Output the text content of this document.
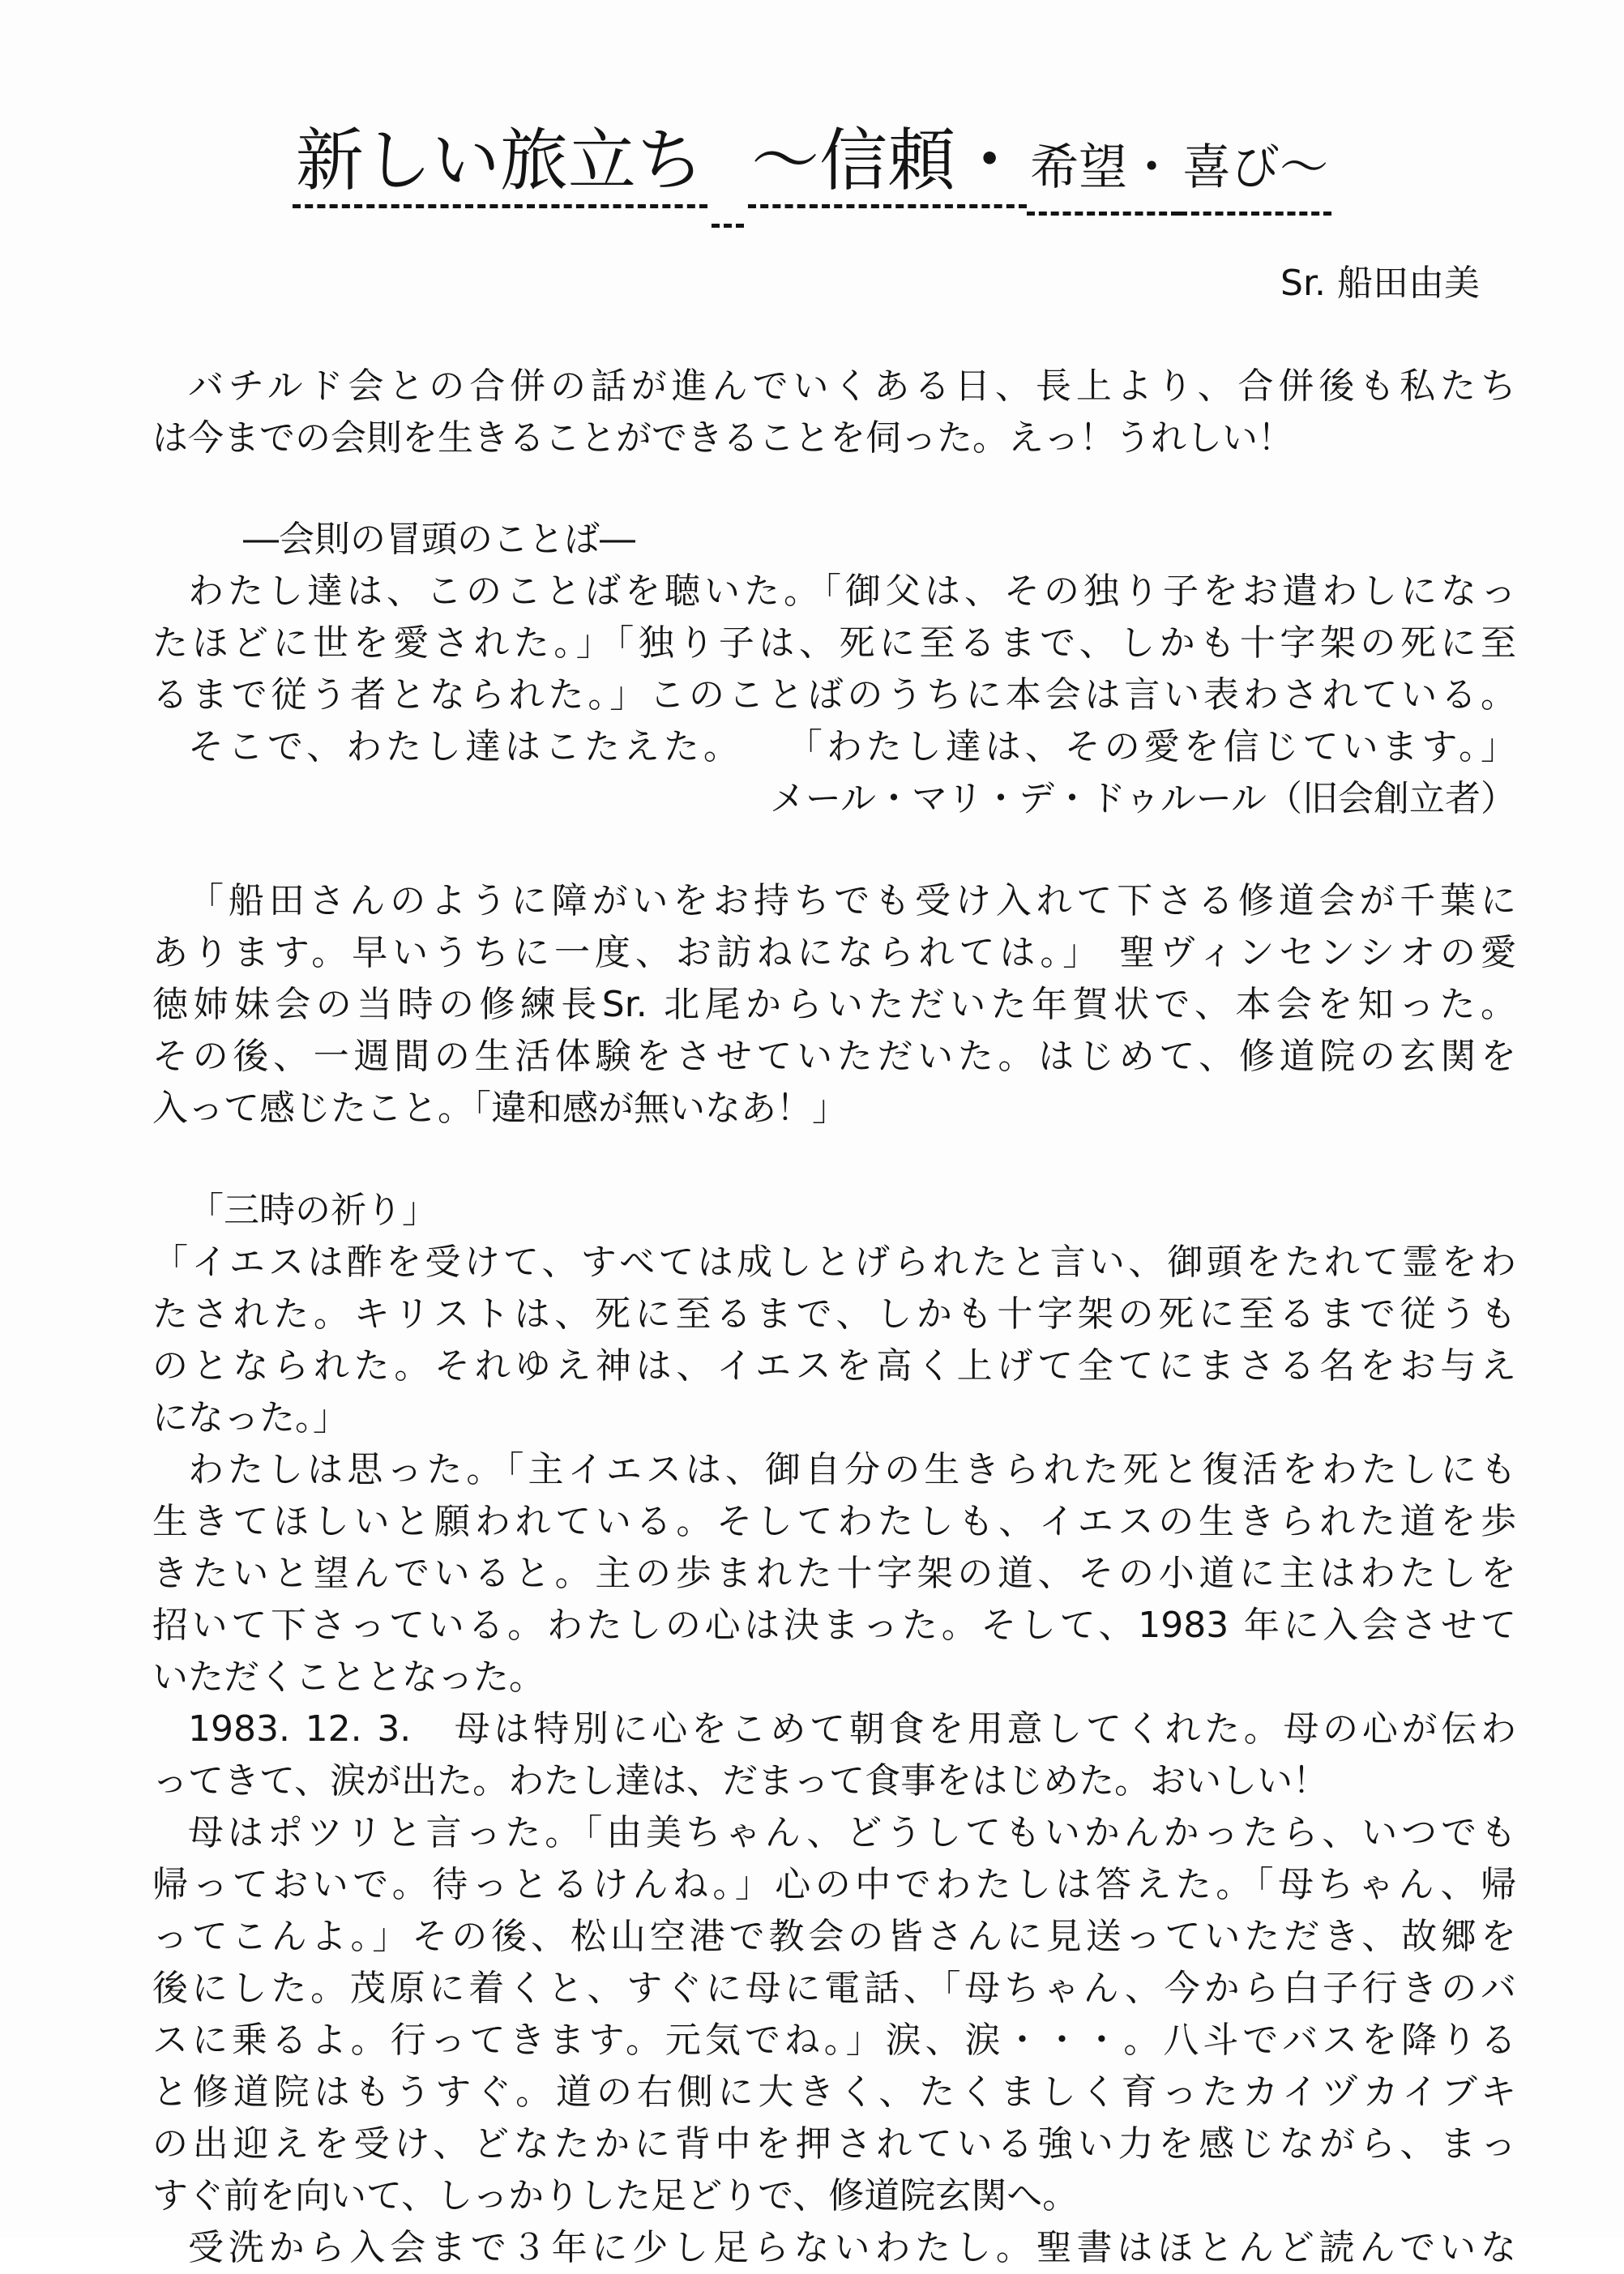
新しい旅立ち 〜信頼・ 希望・ 喜び〜
Sr. 船田由美
バチルド会との合併の話が進んでいくある日、長上より、合併後も私たち
は今までの会則を生きることができることを伺った。えっ！うれしい！
―会則の冒頭のことば―
わたし達は、このことばを聴いた。「御父は、その独り子をお遣わしになっ
たほどに世を愛された。」「独り子は、死に至るまで、しかも十字架の死に至
るまで従う者となられた。」このことばのうちに本会は言い表わされている。
そこで、わたし達はこたえた。　　「わたし達は、その愛を信じています。」
メール・マリ・デ・ドゥルール（旧会創立者）
「船田さんのように障がいをお持ちでも受け入れて下さる修道会が千葉に
あります。早いうちに一度、お訪ねになられては。」 聖ヴィンセンシオの愛
徳姉妹会の当時の修練長Sr. 北尾からいただいた年賀状で、本会を知った。
その後、一週間の生活体験をさせていただいた。はじめて、修道院の玄関を
入って感じたこと。「違和感が無いなあ！」
「三時の祈り」
「イエスは酢を受けて、すべては成しとげられたと言い、御頭をたれて霊をわ
たされた。キリストは、死に至るまで、しかも十字架の死に至るまで従うも
のとなられた。それゆえ神は、イエスを高く上げて全てにまさる名をお与え
になった。」
わたしは思った。「主イエスは、御自分の生きられた死と復活をわたしにも
生きてほしいと願われている。そしてわたしも、イエスの生きられた道を歩
きたいと望んでいると。主の歩まれた十字架の道、その小道に主はわたしを
招いて下さっている。わたしの心は決まった。そして、1983 年に入会させて
いただくこととなった。
1983. 12. 3.　母は特別に心をこめて朝食を用意してくれた。母の心が伝わ
ってきて、涙が出た。わたし達は、だまって食事をはじめた。おいしい！
母はポツリと言った。「由美ちゃん、どうしてもいかんかったら、いつでも
帰っておいで。待っとるけんね。」心の中でわたしは答えた。「母ちゃん、帰
ってこんよ。」その後、松山空港で教会の皆さんに見送っていただき、故郷を
後にした。茂原に着くと、すぐに母に電話、「母ちゃん、今から白子行きのバ
スに乗るよ。行ってきます。元気でね。」涙、涙・・・。八斗でバスを降りる
と修道院はもうすぐ。道の右側に大きく、たくましく育ったカイヅカイブキ
の出迎えを受け、どなたかに背中を押されている強い力を感じながら、まっ
すぐ前を向いて、しっかりした足どりで、修道院玄関へ。
受洗から入会まで３年に少し足らないわたし。聖書はほとんど読んでいな
